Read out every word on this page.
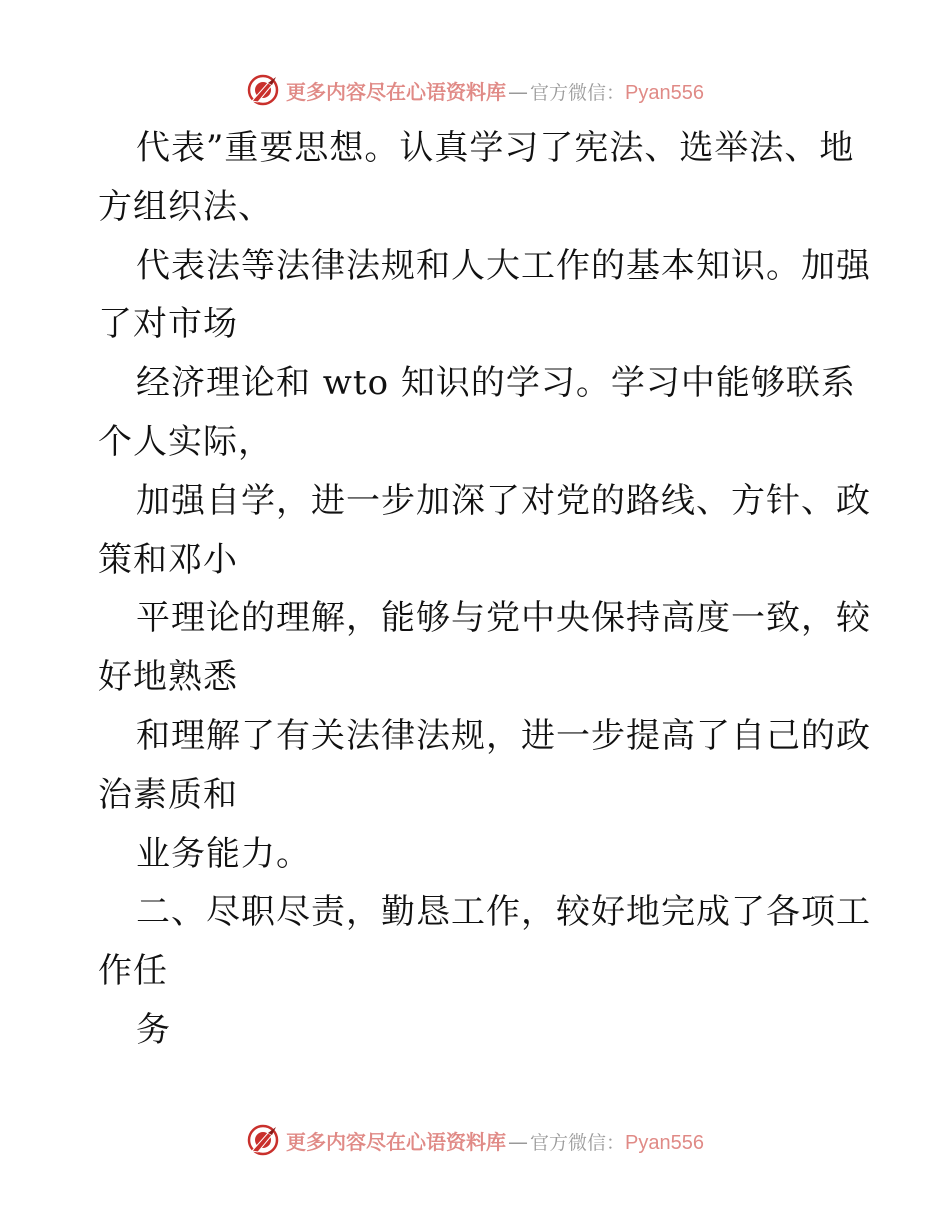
更多内容尽在心语资料库 — 官方微信： Pyan556
代表”重要思想。认真学习了宪法、选举法、地
方组织法、
代表法等法律法规和人大工作的基本知识。加强
了对市场
经济理论和 wto 知识的学习。学习中能够联系
个人实际，
加强自学，进一步加深了对党的路线、方针、政
策和邓小
平理论的理解，能够与党中央保持高度一致，较
好地熟悉
和理解了有关法律法规，进一步提高了自己的政
治素质和
业务能力。
二、尽职尽责，勤恳工作，较好地完成了各项工
作任
务
更多内容尽在心语资料库 — 官方微信： Pyan556
